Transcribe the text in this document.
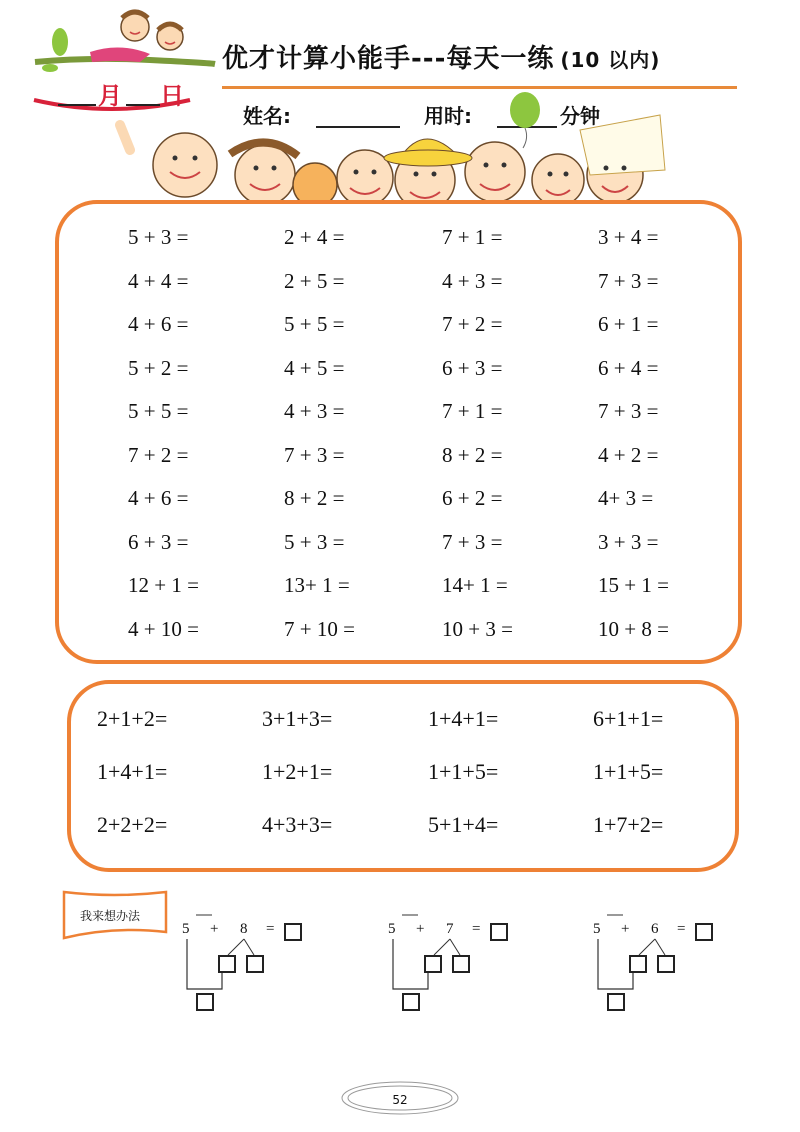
优才计算小能手---每天一练 (10 以内)
月 日
姓名:	用时:	分钟
5 + 3 =	2 + 4 =	7 + 1 =	3 + 4 =
4 + 4 =	2 + 5 =	4 + 3 =	7 + 3 =
4 + 6 =	5 + 5 =	7 + 2 =	6 + 1 =
5 + 2 =	4 + 5 =	6 + 3 =	6 + 4 =
5 + 5 =	4 + 3 =	7 + 1 =	7 + 3 =
7 + 2 =	7 + 3 =	8 + 2 =	4 + 2 =
4 + 6 =	8 + 2 =	6 + 2 =	4+ 3 =
6 + 3 =	5 + 3 =	7 + 3 =	3 + 3 =
12 + 1 =	13+ 1 =	14+ 1 =	15 + 1 =
4 + 10 =	7 + 10 =	10 + 3 =	10 + 8 =
2+1+2=	3+1+3=	1+4+1=	6+1+1=
1+4+1=	1+2+1=	1+1+5=	1+1+5=
2+2+2=	4+3+3=	5+1+4=	1+7+2=
我来想办法
5 + 8 =	5 + 7 =	5 + 6 =
52
